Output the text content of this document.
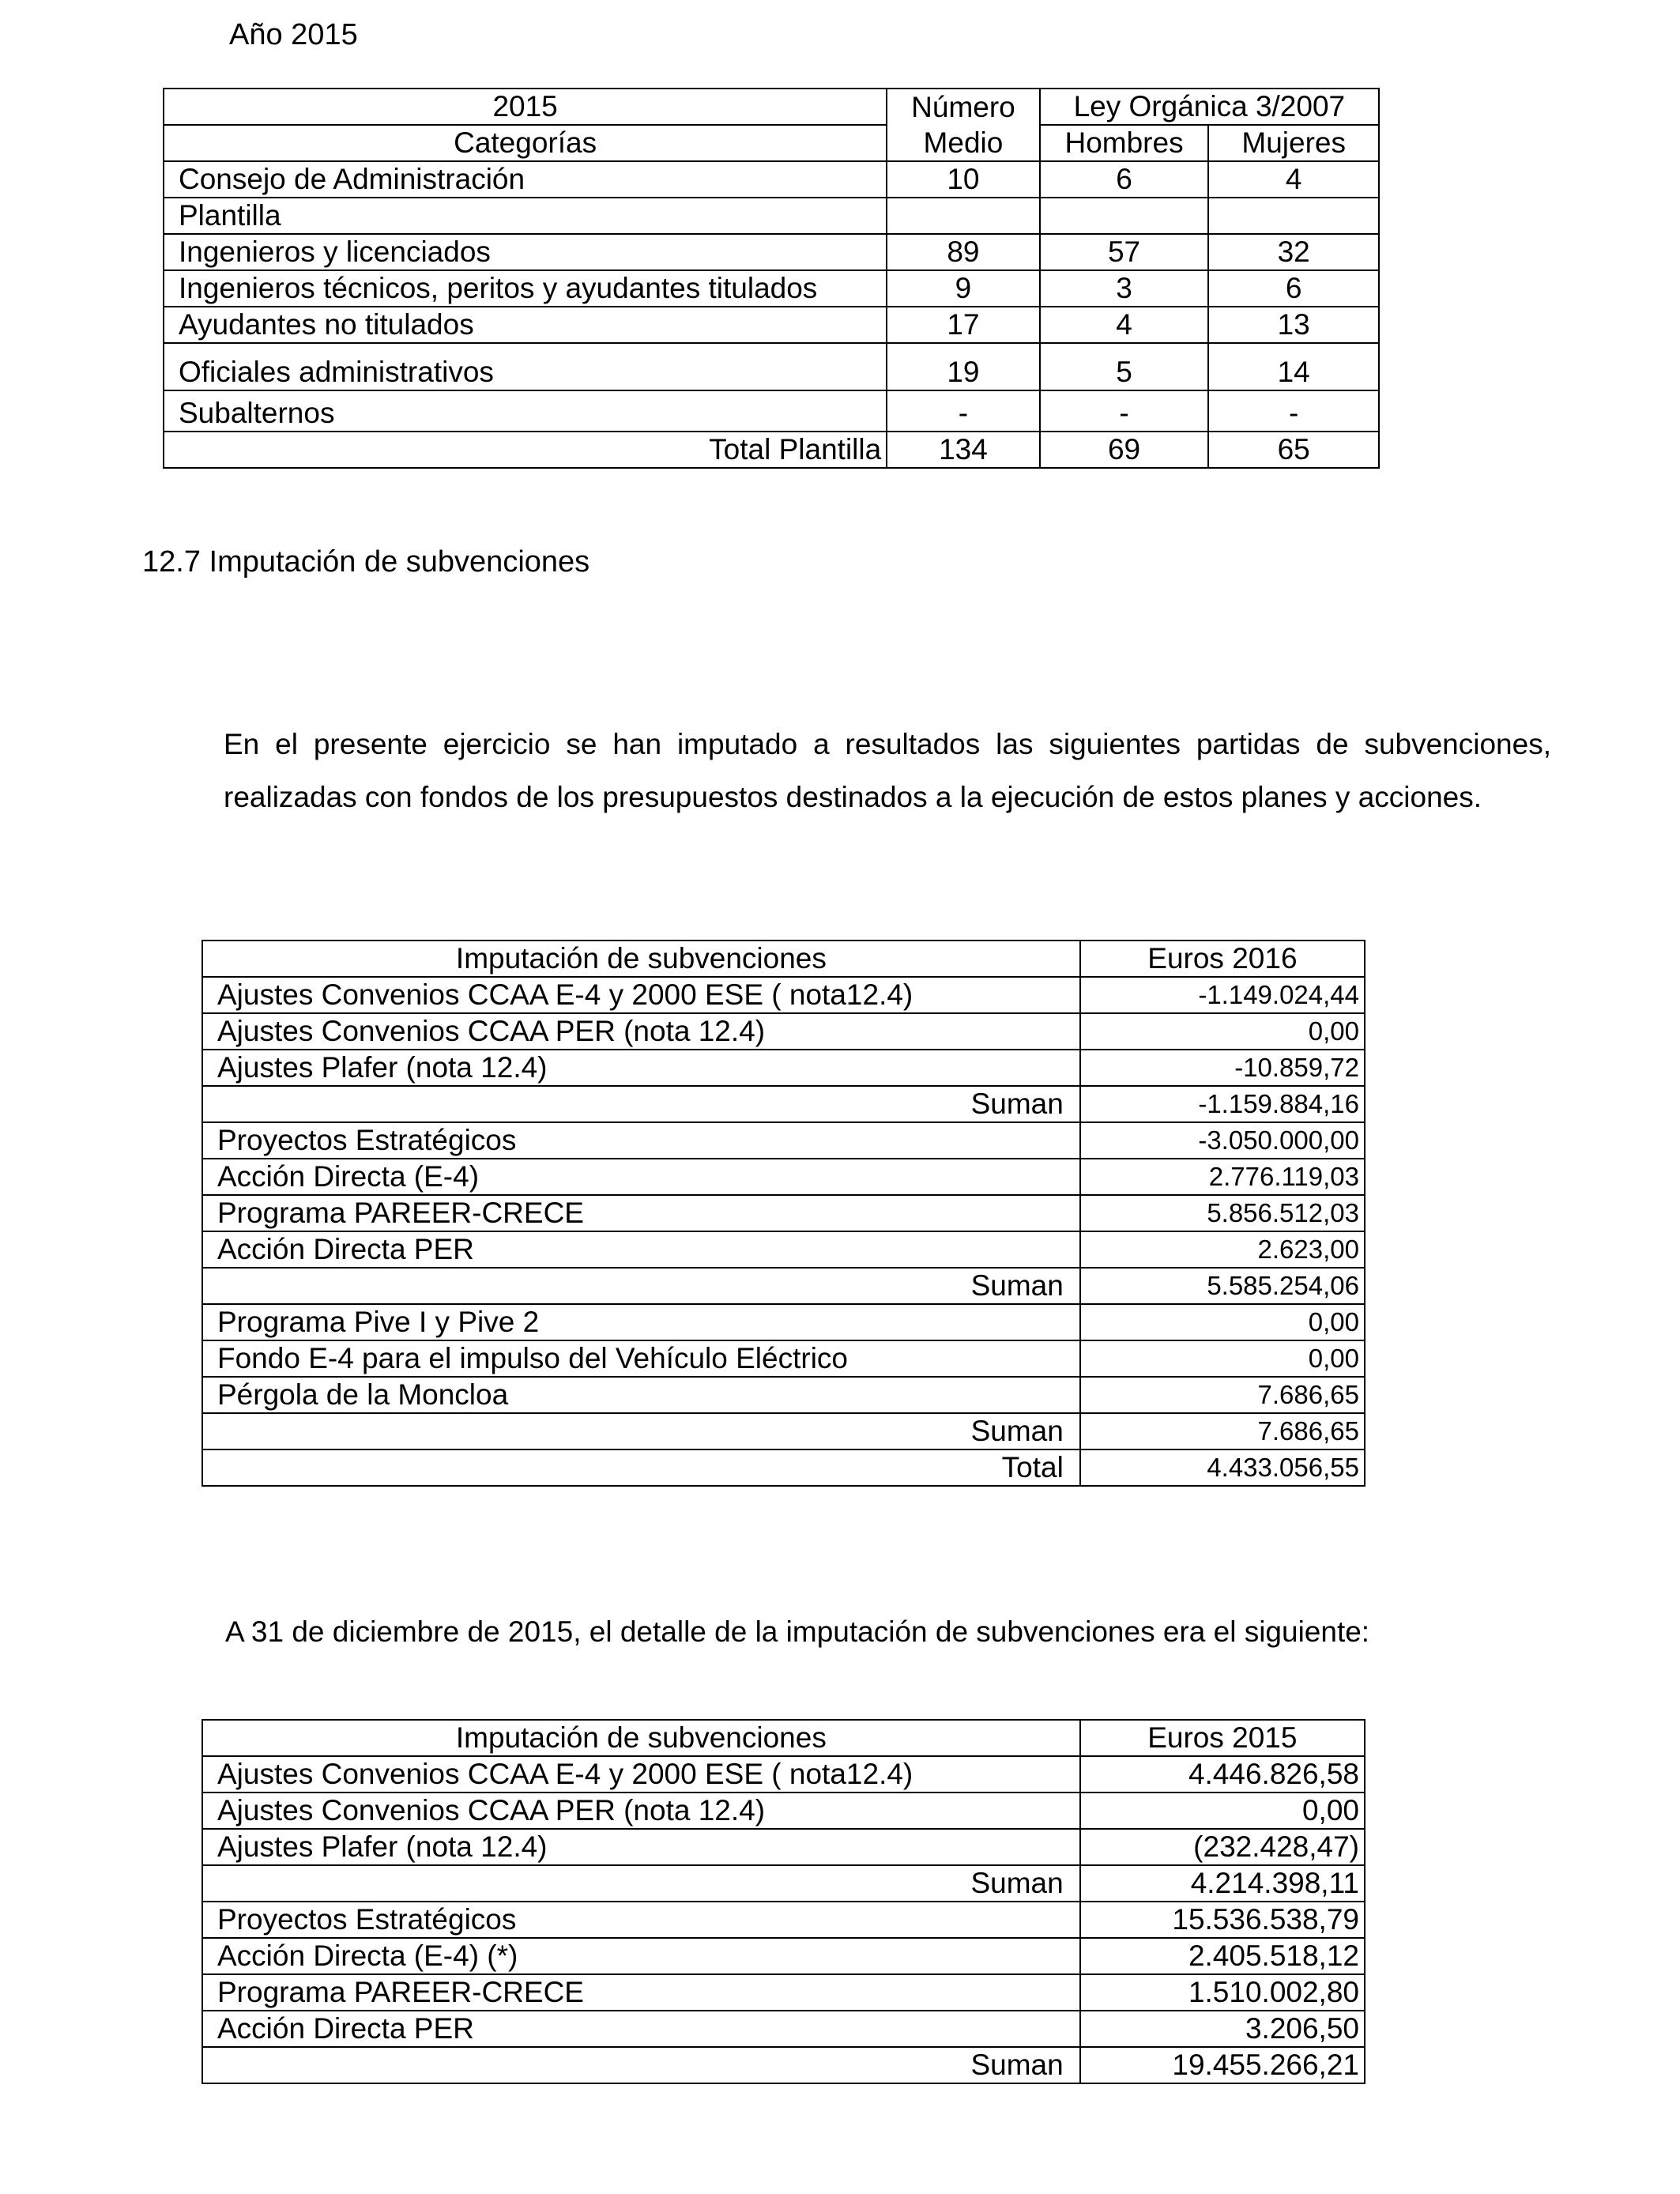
Año 2015
2015	Número	Ley Orgánica 3/2007	
Categorías	Medio	Hombres	Mujeres
Consejo de Administración	10	6	4
Plantilla			
Ingenieros y licenciados	89	57	32
Ingenieros técnicos, peritos y ayudantes titulados	9	3	6
Ayudantes no titulados	17	4	13
Oficiales administrativos	19	5	14
Subalternos	-	-	-
Total Plantilla	134	69	65
12.7 Imputación de subvenciones
En el presente ejercicio se han imputado a resultados las siguientes partidas de subvenciones, realizadas con fondos de los presupuestos destinados a la ejecución de estos planes y acciones.
Imputación de subvenciones	Euros 2016
Ajustes Convenios CCAA E-4 y 2000 ESE ( nota12.4)	-1.149.024,44
Ajustes Convenios CCAA PER (nota 12.4)	0,00
Ajustes Plafer (nota 12.4)	-10.859,72
Suman	-1.159.884,16
Proyectos Estratégicos	-3.050.000,00
Acción Directa (E-4)	2.776.119,03
Programa PAREER-CRECE	5.856.512,03
Acción Directa PER	2.623,00
Suman	5.585.254,06
Programa Pive I y Pive 2	0,00
Fondo E-4 para el impulso del Vehículo Eléctrico	0,00
Pérgola de la Moncloa	7.686,65
Suman	7.686,65
Total	4.433.056,55
A 31 de diciembre de 2015, el detalle de la imputación de subvenciones era el siguiente:
Imputación de subvenciones	Euros 2015
Ajustes Convenios CCAA E-4 y 2000 ESE ( nota12.4)	4.446.826,58
Ajustes Convenios CCAA PER (nota 12.4)	0,00
Ajustes Plafer (nota 12.4)	(232.428,47)
Suman	4.214.398,11
Proyectos Estratégicos	15.536.538,79
Acción Directa (E-4) (*)	2.405.518,12
Programa PAREER-CRECE	1.510.002,80
Acción Directa PER	3.206,50
Suman	19.455.266,21
